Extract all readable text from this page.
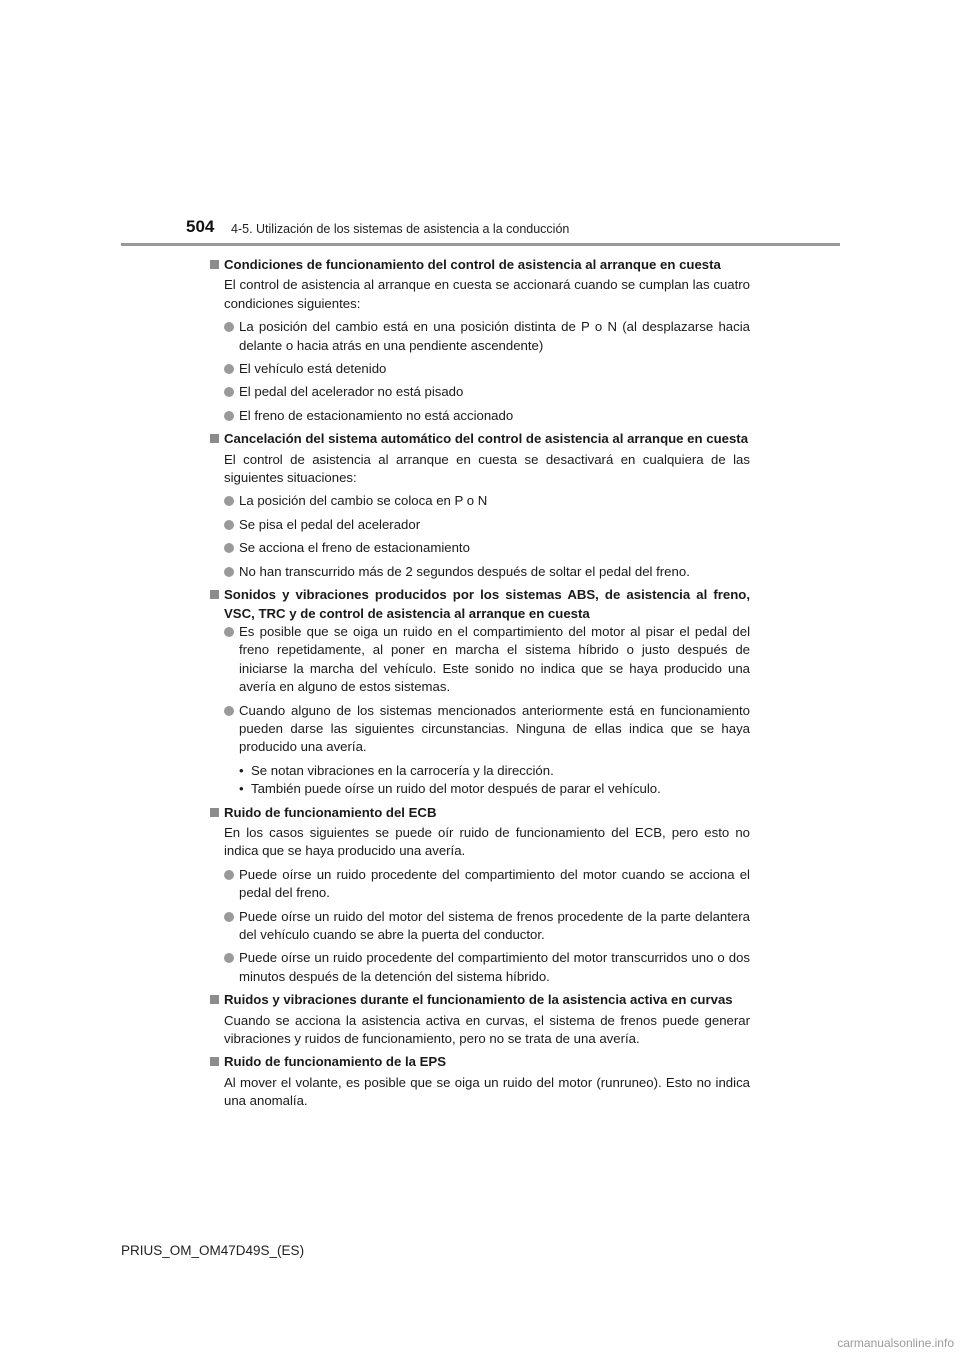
504 4-5. Utilización de los sistemas de asistencia a la conducción
Condiciones de funcionamiento del control de asistencia al arranque en cuesta
El control de asistencia al arranque en cuesta se accionará cuando se cumplan las cuatro condiciones siguientes:
La posición del cambio está en una posición distinta de P o N (al desplazarse hacia delante o hacia atrás en una pendiente ascendente)
El vehículo está detenido
El pedal del acelerador no está pisado
El freno de estacionamiento no está accionado
Cancelación del sistema automático del control de asistencia al arranque en cuesta
El control de asistencia al arranque en cuesta se desactivará en cualquiera de las siguientes situaciones:
La posición del cambio se coloca en P o N
Se pisa el pedal del acelerador
Se acciona el freno de estacionamiento
No han transcurrido más de 2 segundos después de soltar el pedal del freno.
Sonidos y vibraciones producidos por los sistemas ABS, de asistencia al freno, VSC, TRC y de control de asistencia al arranque en cuesta
Es posible que se oiga un ruido en el compartimiento del motor al pisar el pedal del freno repetidamente, al poner en marcha el sistema híbrido o justo después de iniciarse la marcha del vehículo. Este sonido no indica que se haya producido una avería en alguno de estos sistemas.
Cuando alguno de los sistemas mencionados anteriormente está en funcionamiento pueden darse las siguientes circunstancias. Ninguna de ellas indica que se haya producido una avería.
• Se notan vibraciones en la carrocería y la dirección.
• También puede oírse un ruido del motor después de parar el vehículo.
Ruido de funcionamiento del ECB
En los casos siguientes se puede oír ruido de funcionamiento del ECB, pero esto no indica que se haya producido una avería.
Puede oírse un ruido procedente del compartimiento del motor cuando se acciona el pedal del freno.
Puede oírse un ruido del motor del sistema de frenos procedente de la parte delantera del vehículo cuando se abre la puerta del conductor.
Puede oírse un ruido procedente del compartimiento del motor transcurridos uno o dos minutos después de la detención del sistema híbrido.
Ruidos y vibraciones durante el funcionamiento de la asistencia activa en curvas
Cuando se acciona la asistencia activa en curvas, el sistema de frenos puede generar vibraciones y ruidos de funcionamiento, pero no se trata de una avería.
Ruido de funcionamiento de la EPS
Al mover el volante, es posible que se oiga un ruido del motor (runruneo). Esto no indica una anomalía.
PRIUS_OM_OM47D49S_(ES)
carmanualsonline.info
